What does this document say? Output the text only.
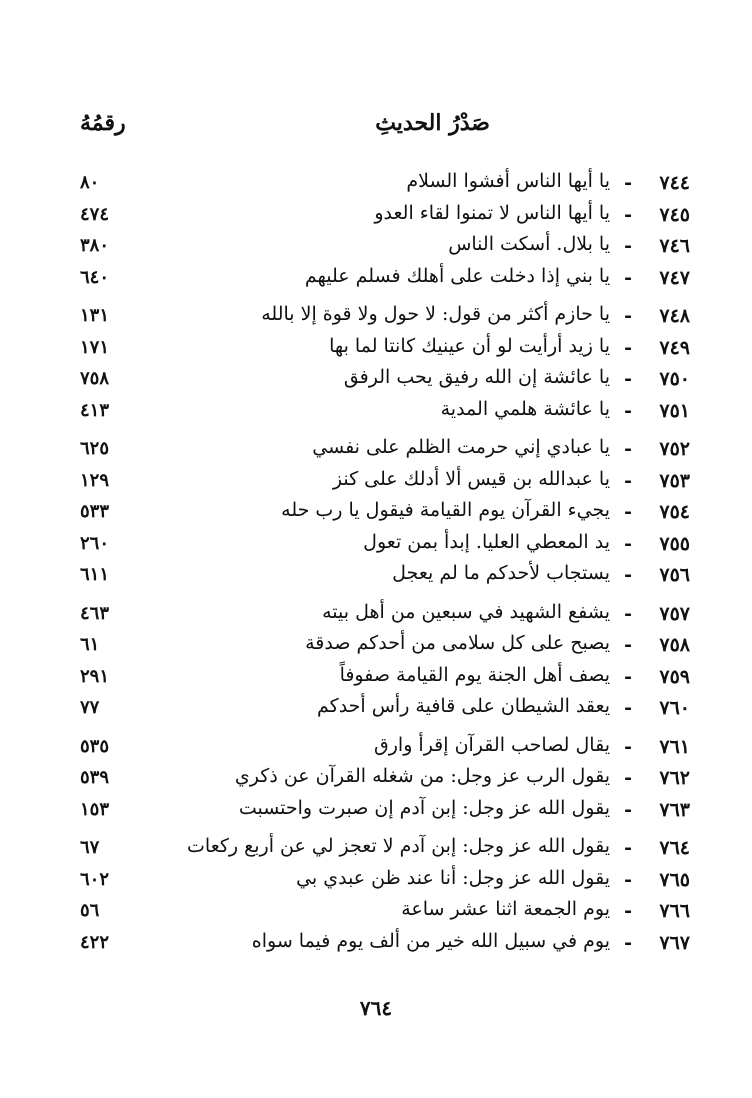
صَدْرُ الحديثِ
رقمُهُ
٧٤٤
-
يا أيها الناس أفشوا السلام
٨٠
٧٤٥
-
يا أيها الناس لا تمنوا لقاء العدو
٤٧٤
٧٤٦
-
يا بلال. أسكت الناس
٣٨٠
٧٤٧
-
يا بني إذا دخلت على أهلك فسلم عليهم
٦٤٠
٧٤٨
-
يا حازم أكثر من قول: لا حول ولا قوة إلا بالله
١٣١
٧٤٩
-
يا زيد أرأيت لو أن عينيك كانتا لما بها
١٧١
٧٥٠
-
يا عائشة إن الله رفيق يحب الرفق
٧٥٨
٧٥١
-
يا عائشة هلمي المدية
٤١٣
٧٥٢
-
يا عبادي إني حرمت الظلم على نفسي
٦٢٥
٧٥٣
-
يا عبدالله بن قيس ألا أدلك على كنز
١٢٩
٧٥٤
-
يجيء القرآن يوم القيامة فيقول يا رب حله
٥٣٣
٧٥٥
-
يد المعطي العليا. إبدأ بمن تعول
٢٦٠
٧٥٦
-
يستجاب لأحدكم ما لم يعجل
٦١١
٧٥٧
-
يشفع الشهيد في سبعين من أهل بيته
٤٦٣
٧٥٨
-
يصبح على كل سلامى من أحدكم صدقة
٦١
٧٥٩
-
يصف أهل الجنة يوم القيامة صفوفاً
٢٩١
٧٦٠
-
يعقد الشيطان على قافية رأس أحدكم
٧٧
٧٦١
-
يقال لصاحب القرآن إقرأ وارق
٥٣٥
٧٦٢
-
يقول الرب عز وجل: من شغله القرآن عن ذكري
٥٣٩
٧٦٣
-
يقول الله عز وجل: إبن آدم إن صبرت واحتسبت
١٥٣
٧٦٤
-
يقول الله عز وجل: إبن آدم لا تعجز لي عن أربع ركعات
٦٧
٧٦٥
-
يقول الله عز وجل: أنا عند ظن عبدي بي
٦٠٢
٧٦٦
-
يوم الجمعة اثنا عشر ساعة
٥٦
٧٦٧
-
يوم في سبيل الله خير من ألف يوم فيما سواه
٤٢٢
٧٦٤
